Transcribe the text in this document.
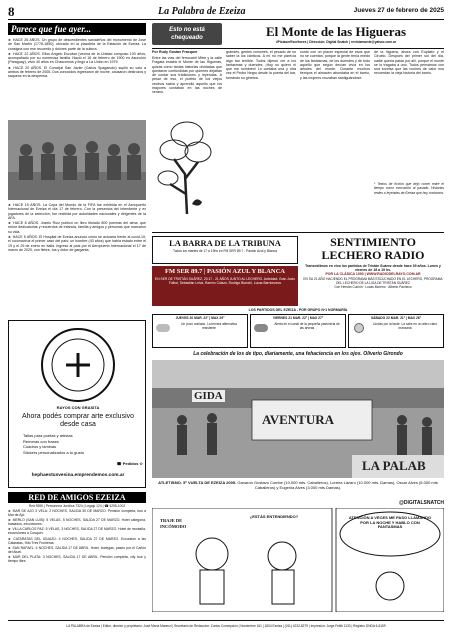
8	La Palabra de Ezeiza	Jueves 27 de febrero de 2025
Parece que fue ayer...

► HACE 26 AÑOS. Un grupo de descendientes sanlaleños del monumento de José de San Martín (1778-1850), ubicado en la plazoleta de la Estación de Ezeiza. La consigna con ese recuerdo y dolores parte de la cultura.

► HACE 22 AÑOS. Ellos Angelo Escobar (vecina de la Unidad compuso 100 años, acompañado por su numerosa familia. Nació el 16 de febrero de 1900 en Asunción (Paraguay), vivió 40 años en Chascomús y llegó a La Unión en 1979.

► HACE 20 AÑOS. El Concejal San Javier (Carlos Spaganoto) suplió su voto a ambos de febrero de 2005. Dos conocidos ingresaron de noche, causaron destrozos y saqueos en la despensa.

► HACE 15 AÑOS. La Copa del Mundo de la FIFA fue exhibida en el Aeropuerto Internacional de Ezeiza el día 17 de febrero. Con la presencia del intendente y ex jugadores de la selección, fue recibida por autoridades nacionales y dirigentes de la AFA.

► HACE 8 AÑOS. Joselo Ruiz publicó un libro titulado 800 poemas del alma, que reúne dedicatorias y recuerdos de infancia, familia y amigos y personas que marcaron su vida.

► HACE 5 AÑOS. El Hospital de Ezeiza anunció cómo se actuaría frente al covid-19, el coronavirus el primer caso del país: un hombre (43 años) que había estado entre el 19 y el 29 de enero en Italia. Ingresó al país por el Aeropuerto Internacional el 17 de marzo de 2020, con fiebre, tos y dolor de garganta.

Esto no está chequeado	El Monte de las Higueras
#PiciaserEscritores | Dirección: Digital Snatch | revistamonte@yahoo.com.ar
Por Rudy Gustav Fracquer
Entre las vías del ferrocarril Mitre y la calle Fragata estaba el Monte de las Higueras, quizás como tantas historias olvidadas que quedaron confundidas por quienes dejaban de contar sus tradiciones y leyendas. A pesar de eso, el pueblo de los viejos vecinos sabía y aprendió aquello que los mayores contaban en las noches de verano.
grandes, gentes comunes, el pecado de no saber la los cánticos. A mí no me parecía algo tan terrible. Todos dijeron ver a los fantasmas y duendes; ¡Hoy no quiero ni que me nombren! Lo contaba una y otra vez el Pedro Negro desde la puerta del bar, tomando su ginebra.
contó con un placer especial de esos que no se cuentan, porque la gente tenía miedo de los fantasmas, de los duendes y de todo aquello que según decían vivía en los árboles del monte. Durante muchos tiempos el almacén abundaba en el barrio, y las mujeres cruzaban santiguándose.
de la higuera, ahora con Eupilato y el Ciruelo. Después del primer sol del día, nadie quería pasar por allí, porque el monte se lo tragaba a uno. Todos pensamos con una sonrisa que las noches de calor nos recuerdan la vieja historia del barrio.
* Textos de ficción que dejó correr entre el tiempo como evocación al pasado. Historias reales o leyendas de Ezeiza que hoy contamos.
LA BARRA DE LA TRIBUNA
Todos los martes de 17 a 19hs en FM SER 89.7 - Pasión Azul y Blanca
FM SER 89.7 | PASIÓN AZUL Y BLANCA
EN SER DE TRISTÁN SUÁREZ, 20:17 - 21 AÑOS JUNTO AL LECHERO. Actividad: Gran Jucio Fútbol, Sebastián Leiva, Ramiro Colazo, Rodrigo Bianchi, Lucas Barrionuevo
SENTIMIENTO
LECHERO RADIO
Transmitimos en vivo los partidos de Tristán Suárez desde hace 39 años. Lunes y viernes de 18 a 19 hs.
POR LA CLÁSICA 1090 | WWW.RADIODELRAYO.COM.AR
EN SU 21 AÑO HACIENDO EL PROGRAMA MÁS ESCUCHADO EN EL LECHERO, PROGRAMA DEL LECHERO DE LA LIGA DE TRISTÁN SUÁREZ
Con Hernán Cuchín · Lucas Moreno · Alberto Pacheco
LOS PARTIDOS DEL EZEIZA - POR GRUPO Nº1 NORMARÍA
JUEVES 20 MAR. 22° | MAX 29°
Un poco nublado. La tercera alternativa resistente
VIERNES 21 MAR. 22° | MAX 27°
Alerta en el canal de la pequeña pastoreria de las arveas
SÁBADO 22 MAR. 21° | MAX 26°
Lluvias por la tarde. La calle en un alero claro manzana
La celebración de los de tipo, diariamente, una fehaciencia en los ojos. Oliverio Girondo
GIDA
AVENTURA
LA PALAB
ATLETISMO. 5ª VUELTA DE EZEIZA 2005. Ganaron Gustavo Combe (10.000 mts. Caballeros), Lorena Lázaro (10.000 mts. Damas), Oscar Alves (5.000 mts Caballeros) y Eugenia Alves (3.000 mts Damas).
RAYOS CON GRASITA
Ahora podés comprar arte exclusivo desde casa
Tallas para poetas y artistas
Remeras con frases
Cuadros y láminas
Stickers personalizados a tu gusto
☎ Pedidos ☆
hephaestusvesina.emprendemos.com.ar
RED DE AMIGOS EZEIZA
Red 9590 | Personería Jurídica 7324 | Legajo 124 | ☎ 4295-1002

► MAR DE AJÓ 3 VELA: 2 NOCHES, SALIDA 30 DE MARZO. Pensión completa, bus a Mar de Ajó.

► MERLO (SAN LUIS): 5 VELAS, 5 NOCHES, SALIDA 27 DE MARZO. Hotel categoría, traslados, excursiones.

► VILLA CARLOS PAZ: 5 VELAS, 3 NOCHES, SALIDA 27 DE MARZO. Hotel de montaña, excursiones a Cosquín.

► CATARATAS DEL IGUAZÚ: 4 NOCHES, SALIDA 27 DE MARZO. Excursión a las Cataratas, Hito Tres Fronteras.

► SAN RAFAEL: 4 NOCHES, SALIDA 17 DE ABRIL. Hotel, bodegas, paseo por el Cañón del Atuel.

► MAR DEL PLATA: 3 NOCHES, SALIDA 17 DE ABRIL. Pensión completa, city tour y tiempo libre.

@DIGITALSNATCH
TRAJE DE
INCÓMODO
ATENCIÓN A VECES ME PASO LLAMANDO POR LA NOCHE Y HABLO CON FANTASMAS
¿ESTÁS ENTENDIENDO?
LA PALABRA de Ezeiza | Editor, director y propietario: José María Marenzi | Secretario de Redacción: Carlos Concepción | Noviembre 161 | 1804 Ezeiza | (011) 4232-8279 | Impresión: Jorge Felitti 1133 | Registro DNDA 6-6159
